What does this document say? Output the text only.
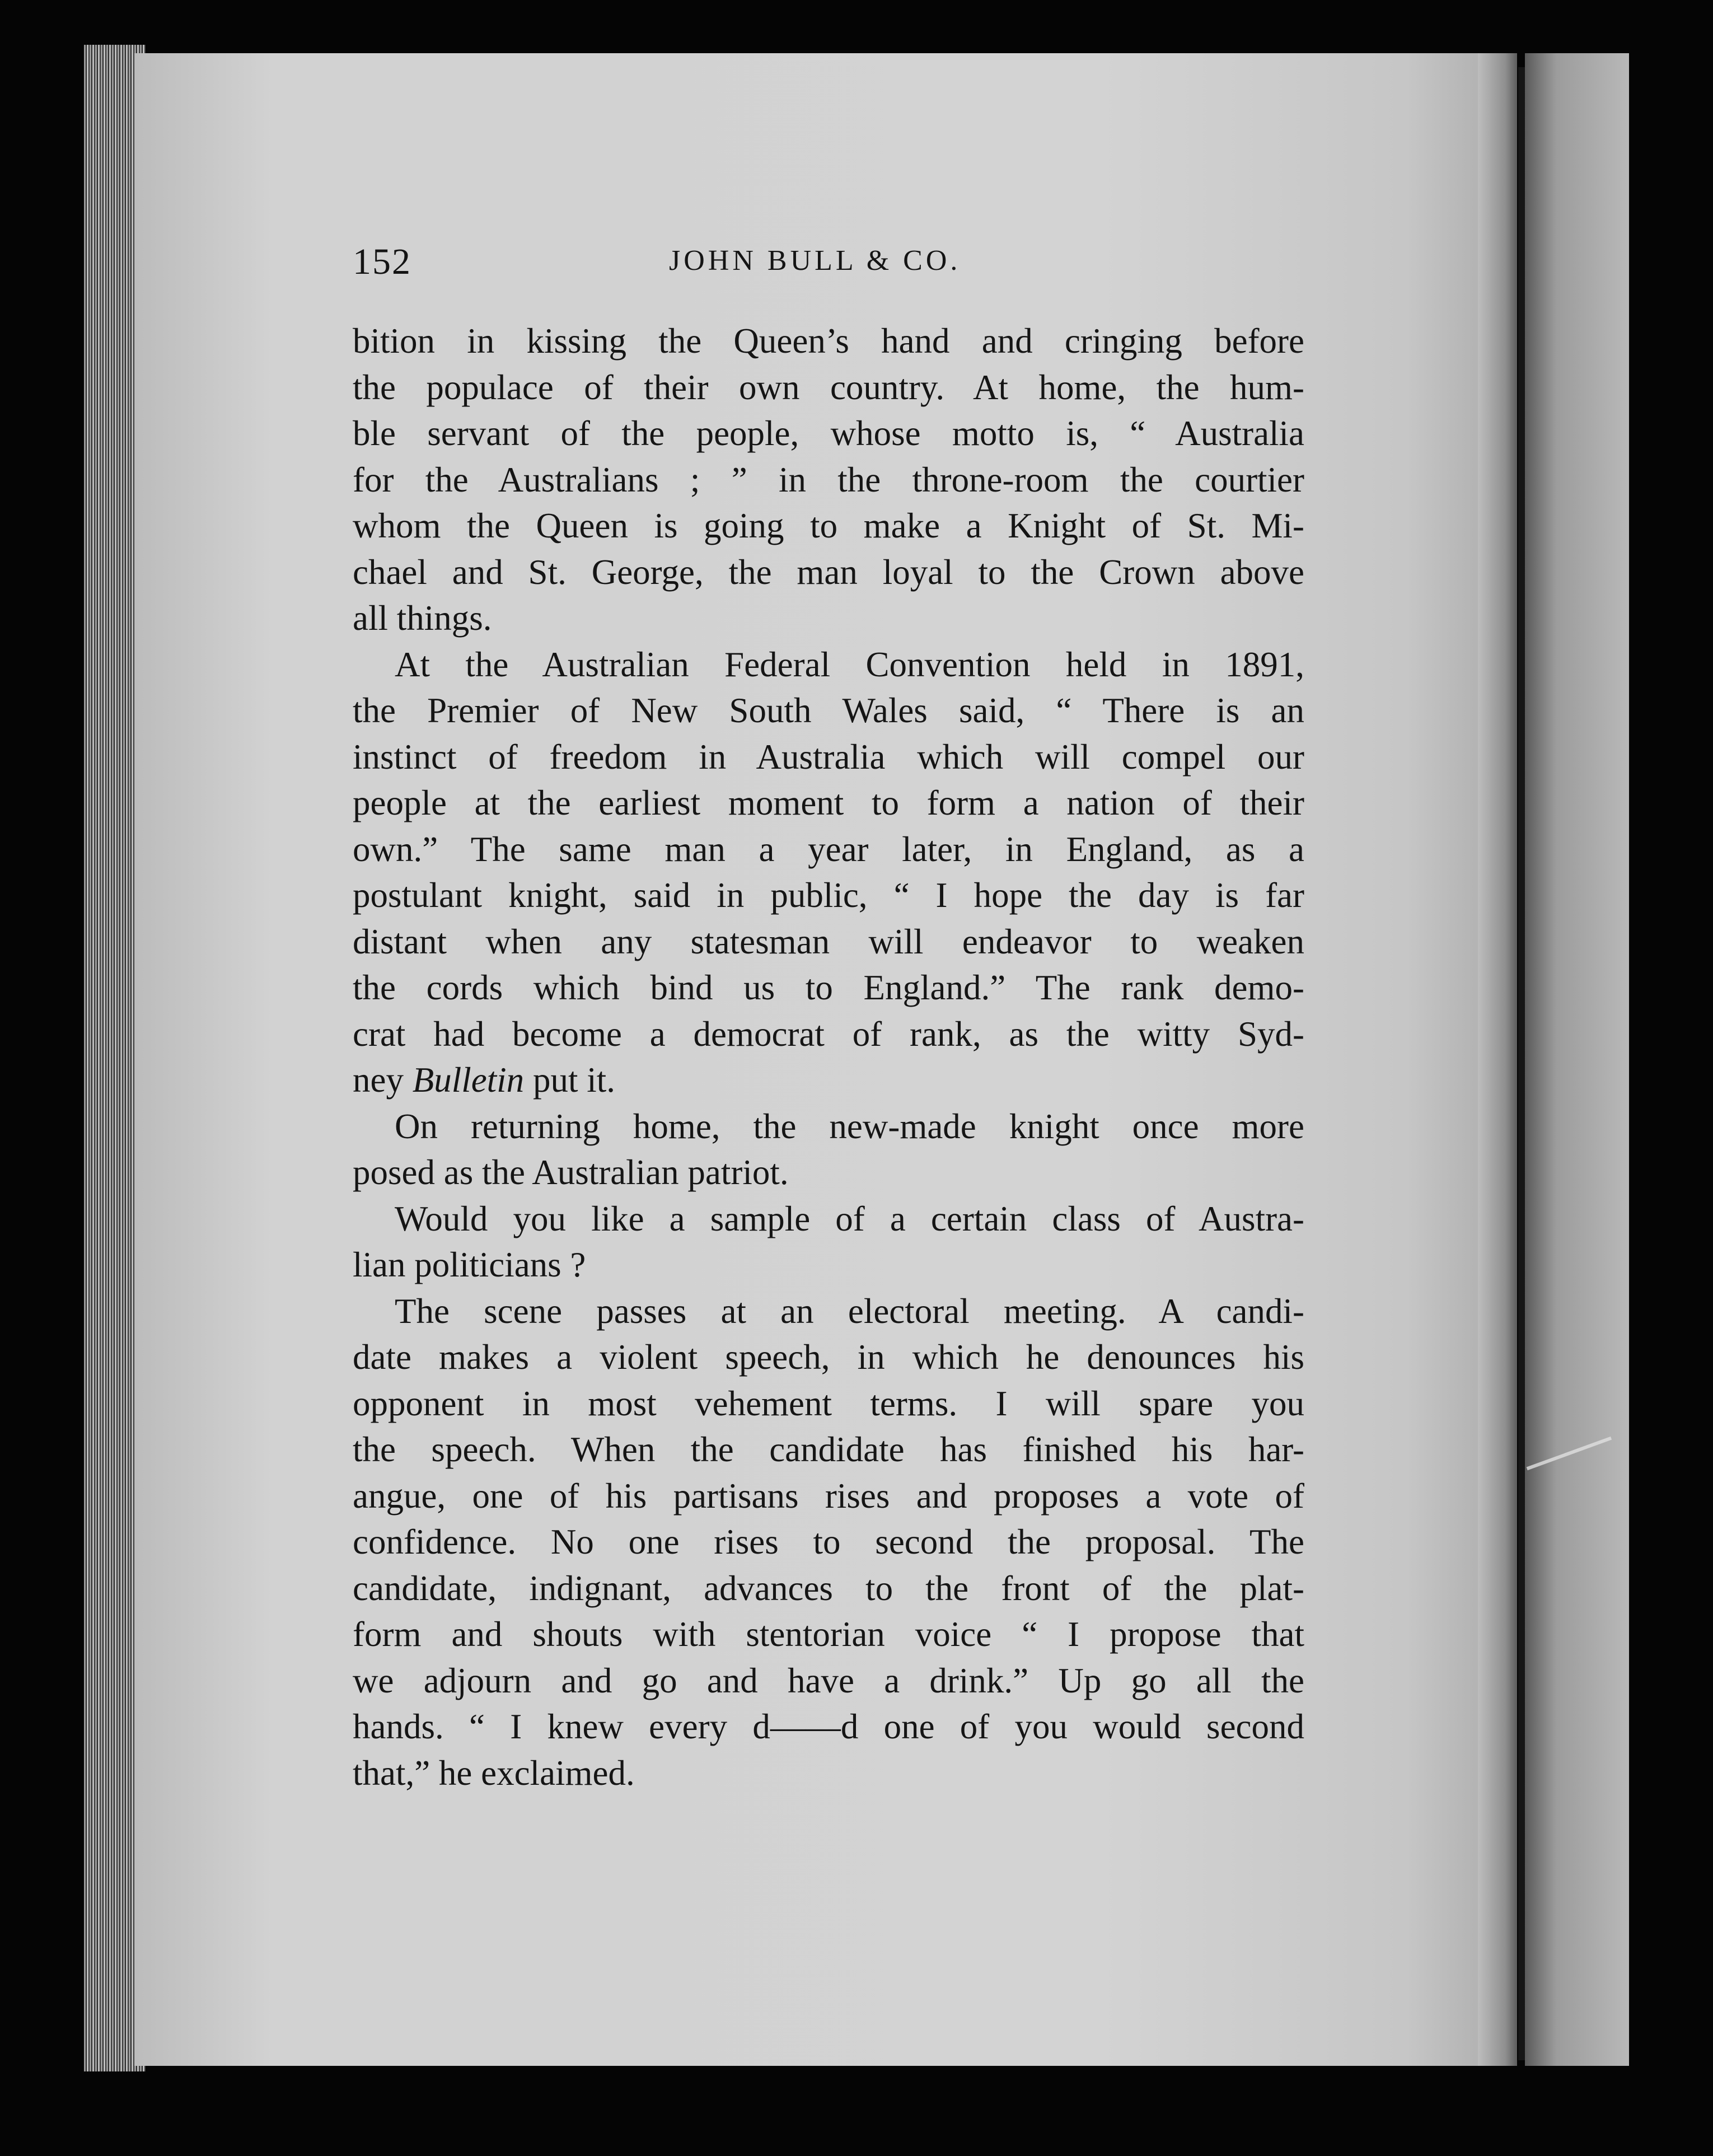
152	JOHN BULL & CO.
bition in kissing the Queen’s hand and cringing before
the populace of their own country. At home, the hum-
ble servant of the people, whose motto is, “ Australia
for the Australians ; ” in the throne-room the courtier
whom the Queen is going to make a Knight of St. Mi-
chael and St. George, the man loyal to the Crown above
all things.
At the Australian Federal Convention held in 1891,
the Premier of New South Wales said, “ There is an
instinct of freedom in Australia which will compel our
people at the earliest moment to form a nation of their
own.” The same man a year later, in England, as a
postulant knight, said in public, “ I hope the day is far
distant when any statesman will endeavor to weaken
the cords which bind us to England.” The rank demo-
crat had become a democrat of rank, as the witty Syd-
ney Bulletin put it.
On returning home, the new-made knight once more
posed as the Australian patriot.
Would you like a sample of a certain class of Austra-
lian politicians ?
The scene passes at an electoral meeting. A candi-
date makes a violent speech, in which he denounces his
opponent in most vehement terms. I will spare you
the speech. When the candidate has finished his har-
angue, one of his partisans rises and proposes a vote of
confidence. No one rises to second the proposal. The
candidate, indignant, advances to the front of the plat-
form and shouts with stentorian voice “ I propose that
we adjourn and go and have a drink.” Up go all the
hands. “ I knew every d——d one of you would second
that,” he exclaimed.
